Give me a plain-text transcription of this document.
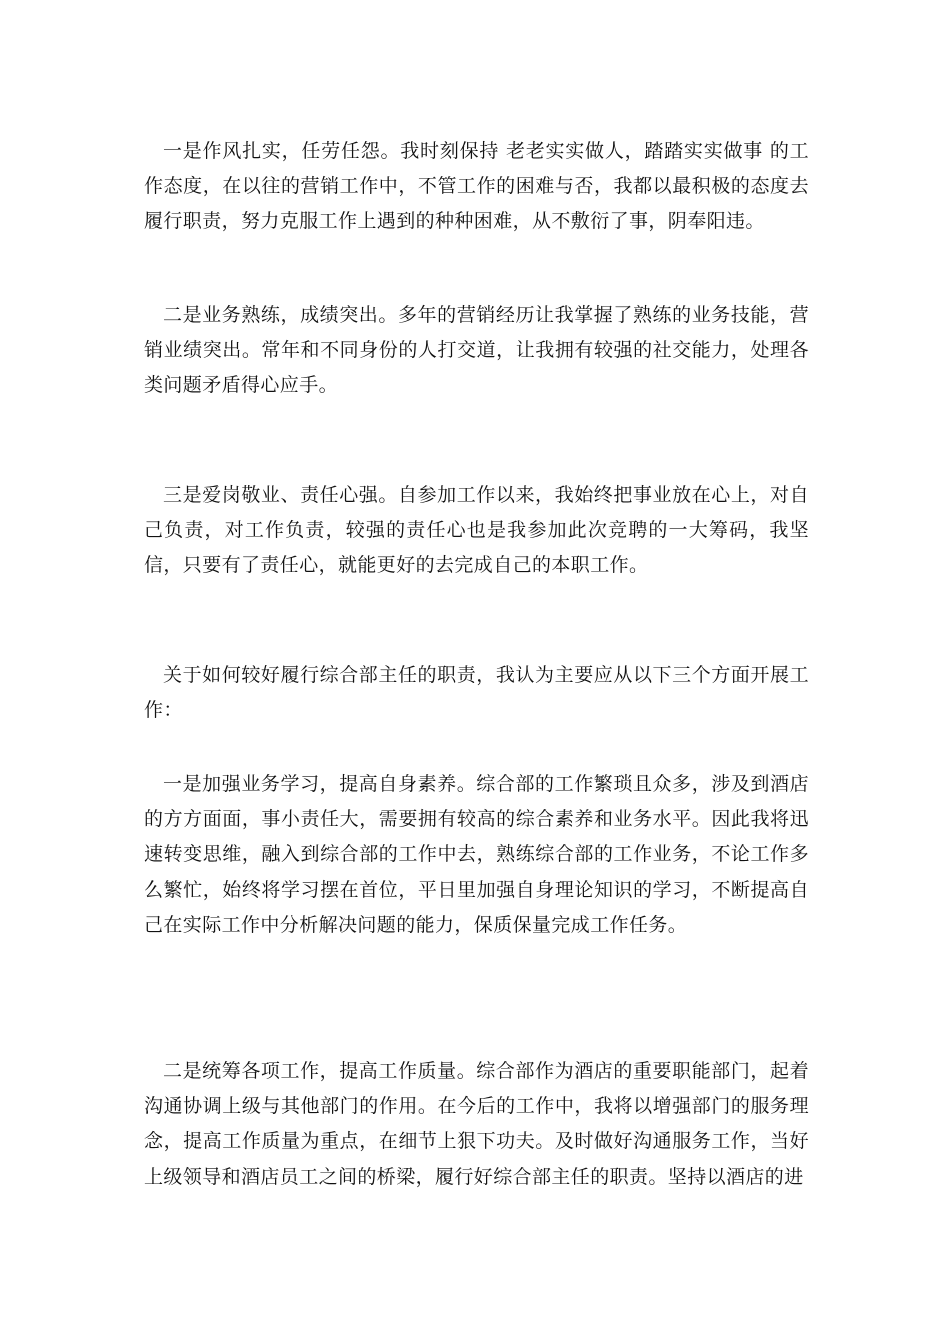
一是作风扎实，任劳任怨。我时刻保持 老老实实做人，踏踏实实做事 的工作态度，在以往的营销工作中，不管工作的困难与否，我都以最积极的态度去履行职责，努力克服工作上遇到的种种困难，从不敷衍了事，阴奉阳违。

二是业务熟练，成绩突出。多年的营销经历让我掌握了熟练的业务技能，营销业绩突出。常年和不同身份的人打交道，让我拥有较强的社交能力，处理各类问题矛盾得心应手。

三是爱岗敬业、责任心强。自参加工作以来，我始终把事业放在心上，对自己负责，对工作负责，较强的责任心也是我参加此次竞聘的一大筹码，我坚信，只要有了责任心，就能更好的去完成自己的本职工作。

关于如何较好履行综合部主任的职责，我认为主要应从以下三个方面开展工作：

一是加强业务学习，提高自身素养。综合部的工作繁琐且众多，涉及到酒店的方方面面，事小责任大，需要拥有较高的综合素养和业务水平。因此我将迅速转变思维，融入到综合部的工作中去，熟练综合部的工作业务，不论工作多么繁忙，始终将学习摆在首位，平日里加强自身理论知识的学习，不断提高自己在实际工作中分析解决问题的能力，保质保量完成工作任务。

二是统筹各项工作，提高工作质量。综合部作为酒店的重要职能部门，起着沟通协调上级与其他部门的作用。在今后的工作中，我将以增强部门的服务理念，提高工作质量为重点，在细节上狠下功夫。及时做好沟通服务工作，当好上级领导和酒店员工之间的桥梁，履行好综合部主任的职责。坚持以酒店的进
